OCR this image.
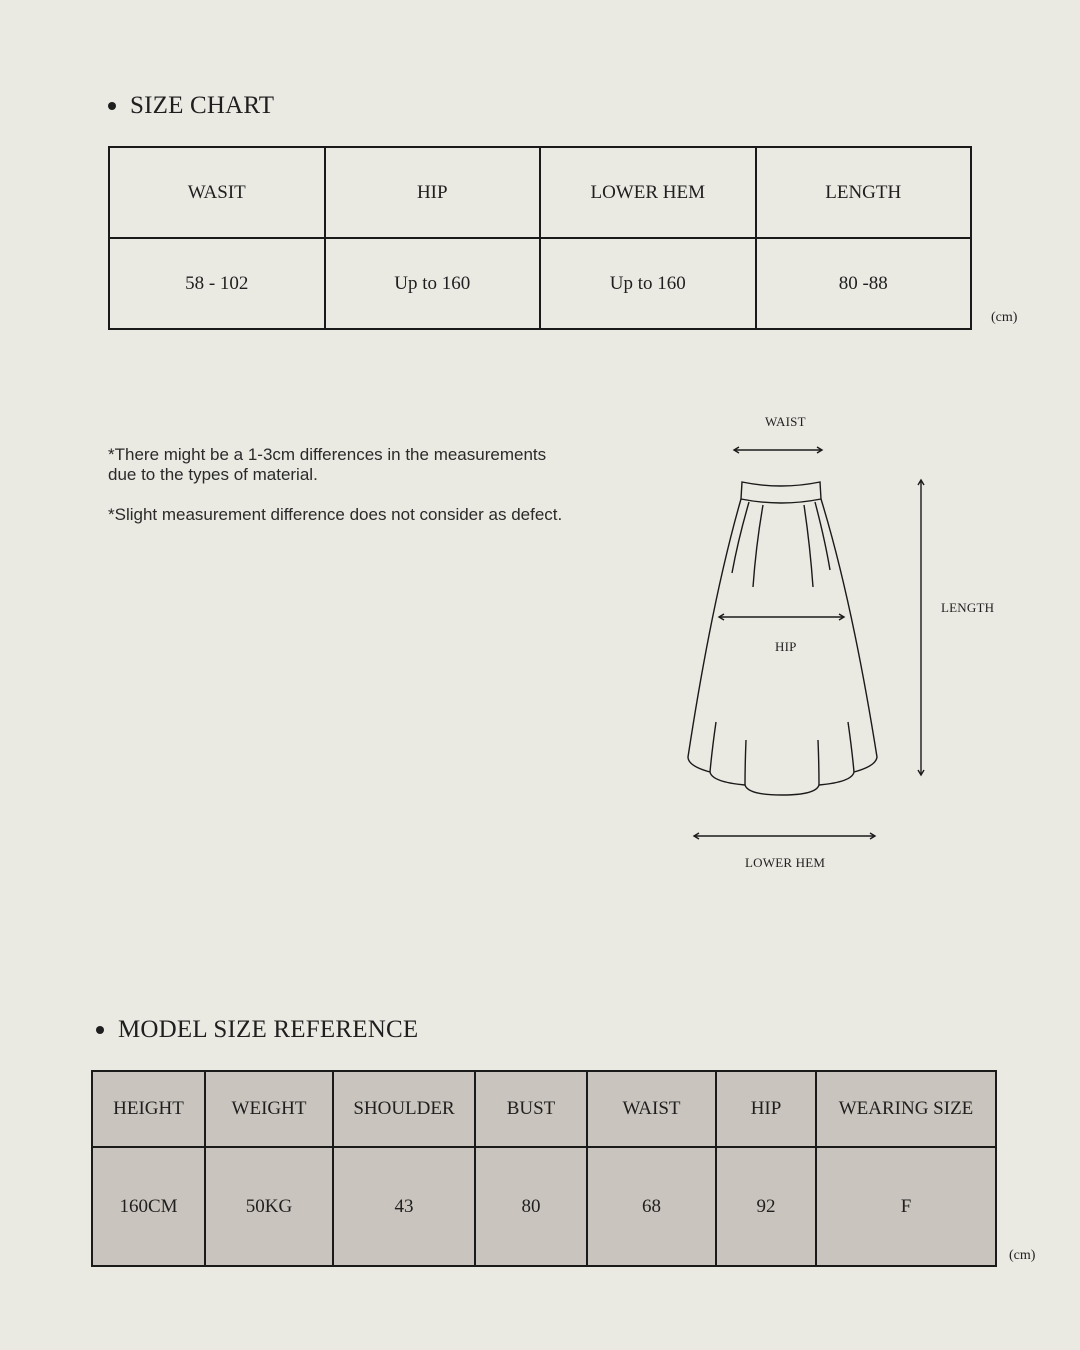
SIZE CHART
WASIT	HIP	LOWER HEM	LENGTH
58 - 102	Up to 160	Up to 160	80 -88
(cm)

*There might be a 1-3cm differences in the measurements due to the types of material.

*Slight measurement difference does not consider as defect.

WAIST
HIP
LENGTH
LOWER HEM
MODEL SIZE REFERENCE
HEIGHT	WEIGHT	SHOULDER	BUST	WAIST	HIP	WEARING SIZE
160CM	50KG	43	80	68	92	F
(cm)
